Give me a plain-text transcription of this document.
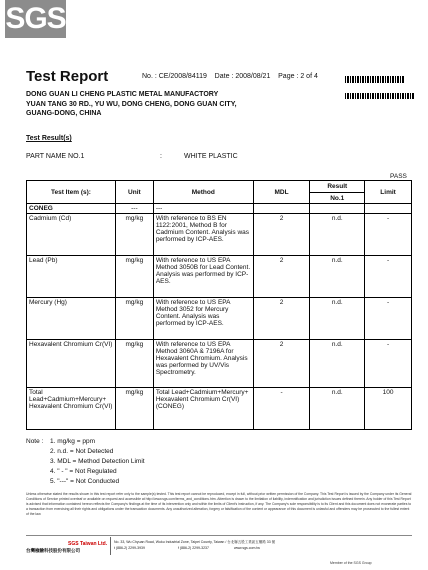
SGS
Test Report	No. : CE/2008/84119 Date : 2008/08/21 Page : 2 of 4
DONG GUAN LI CHENG PLASTIC METAL MANUFACTORY
YUAN TANG 30 RD., YU WU, DONG CHENG, DONG GUAN CITY,
GUANG-DONG, CHINA
Test Result(s)
PART NAME NO.1	:	WHITE PLASTIC
PASS
Test Item (s):	Unit	Method	MDL	Result	Limit
				No.1	
CONEG	---	---			
Cadmium (Cd)	mg/kg	With reference to BS EN 1122:2001, Method B for Cadmium Content. Analysis was performed by ICP-AES.	2	n.d.	-
Lead (Pb)	mg/kg	With reference to US EPA Method 3050B for Lead Content. Analysis was performed by ICP-AES.	2	n.d.	-
Mercury (Hg)	mg/kg	With reference to US EPA Method 3052 for Mercury Content. Analysis was performed by ICP-AES.	2	n.d.	-
Hexavalent Chromium Cr(VI)	mg/kg	With reference to US EPA Method 3060A & 7196A for Hexavalent Chromium. Analysis was performed by UV/Vis Spectrometry.	2	n.d.	-
Total Lead+Cadmium+Mercury+ Hexavalent Chromium Cr(VI)	mg/kg	Total Lead+Cadmium+Mercury+ Hexavalent Chromium Cr(VI) (CONEG)	-	n.d.	100
Note : 1. mg/kg = ppm
2. n.d. = Not Detected
3. MDL = Method Detection Limit
4. " - " = Not Regulated
5. "---" = Not Conducted
Unless otherwise stated the results shown in this test report refer only to the sample(s) tested. This test report cannot be reproduced, except in full, without prior written permission of the Company. This Test Report is issued by the Company under its General Conditions of Service printed overleaf or available on request and accessible at http://www.sgs.com/terms_and_conditions.htm. Attention is drawn to the limitation of liability, indemnification and jurisdiction issues defined therein. Any holder of this Test Report is advised that information contained hereon reflects the Company's findings at the time of its intervention only and within the limits of Client's instruction, if any. The Company's sole responsibility is to its Client and this document does not exonerate parties to a transaction from exercising all their rights and obligations under the transaction documents. Any unauthorized alteration, forgery or falsification of the content or appearance of this document is unlawful and offenders may be prosecuted to the fullest extent of the law.
SGS Taiwan Ltd.
台灣檢驗科技股份有限公司
No. 33, Wu Chyuan Road, Wuku Industrial Zone, Taipei County, Taiwan / 台北縣五股工業區五權路 33 號
t (886-2) 2299-3939	f (886-2) 2299-3237	www.sgs.com.tw
Member of the SGS Group
